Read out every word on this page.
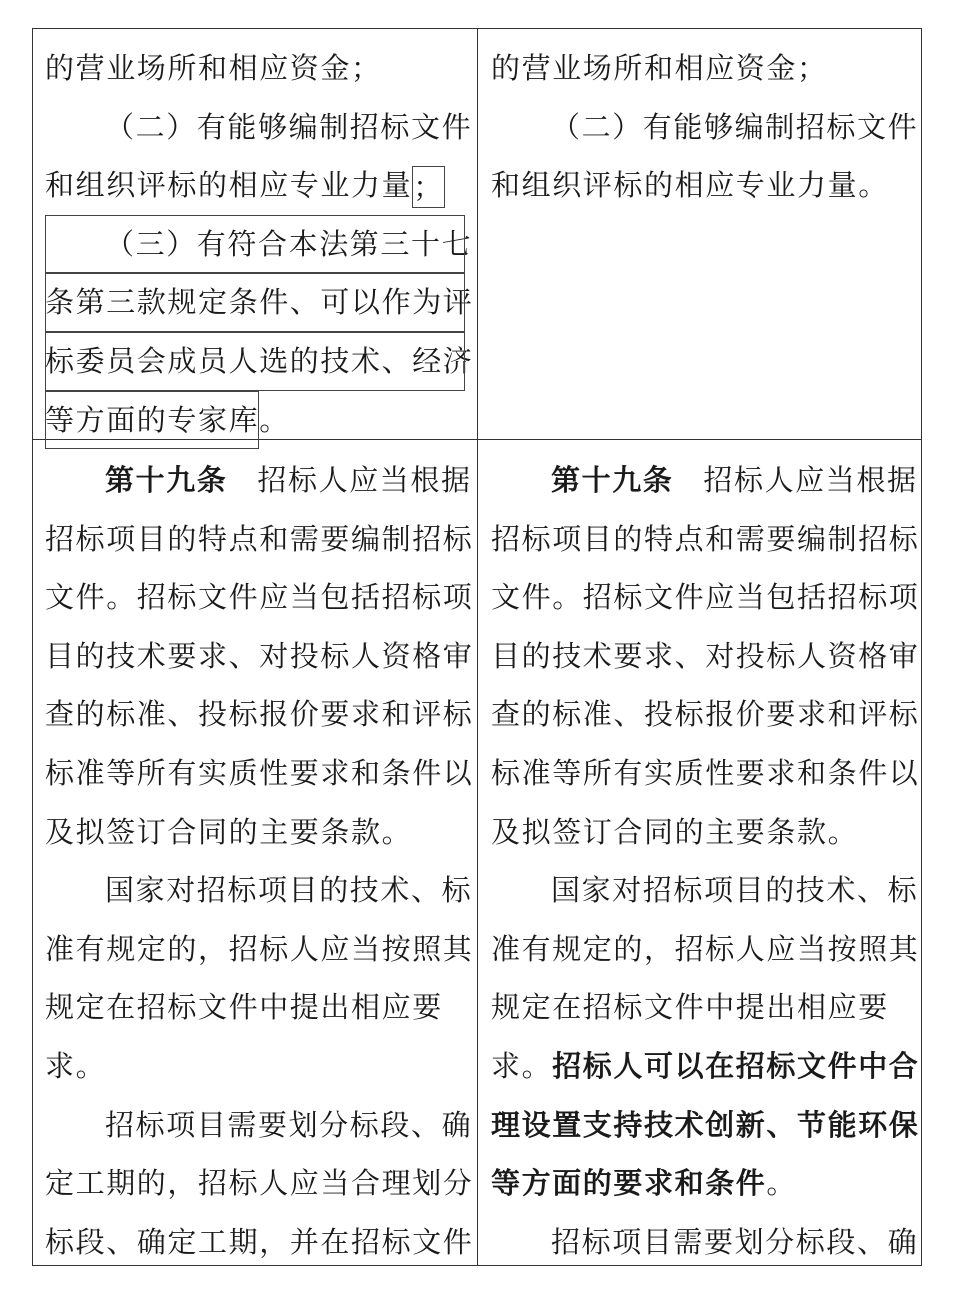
的营业场所和相应资金；
（二）有能够编制招标文件
和组织评标的相应专业力量；
（三）有符合本法第三十七
条第三款规定条件、可以作为评
标委员会成员人选的技术、经济
等方面的专家库。
的营业场所和相应资金；
（二）有能够编制招标文件
和组织评标的相应专业力量。
第十九条 招标人应当根据
招标项目的特点和需要编制招标
文件。招标文件应当包括招标项
目的技术要求、对投标人资格审
查的标准、投标报价要求和评标
标准等所有实质性要求和条件以
及拟签订合同的主要条款。
国家对招标项目的技术、标
准有规定的，招标人应当按照其
规定在招标文件中提出相应要
求。
招标项目需要划分标段、确
定工期的，招标人应当合理划分
标段、确定工期，并在招标文件
第十九条 招标人应当根据
招标项目的特点和需要编制招标
文件。招标文件应当包括招标项
目的技术要求、对投标人资格审
查的标准、投标报价要求和评标
标准等所有实质性要求和条件以
及拟签订合同的主要条款。
国家对招标项目的技术、标
准有规定的，招标人应当按照其
规定在招标文件中提出相应要
求。招标人可以在招标文件中合
理设置支持技术创新、节能环保
等方面的要求和条件。
招标项目需要划分标段、确
